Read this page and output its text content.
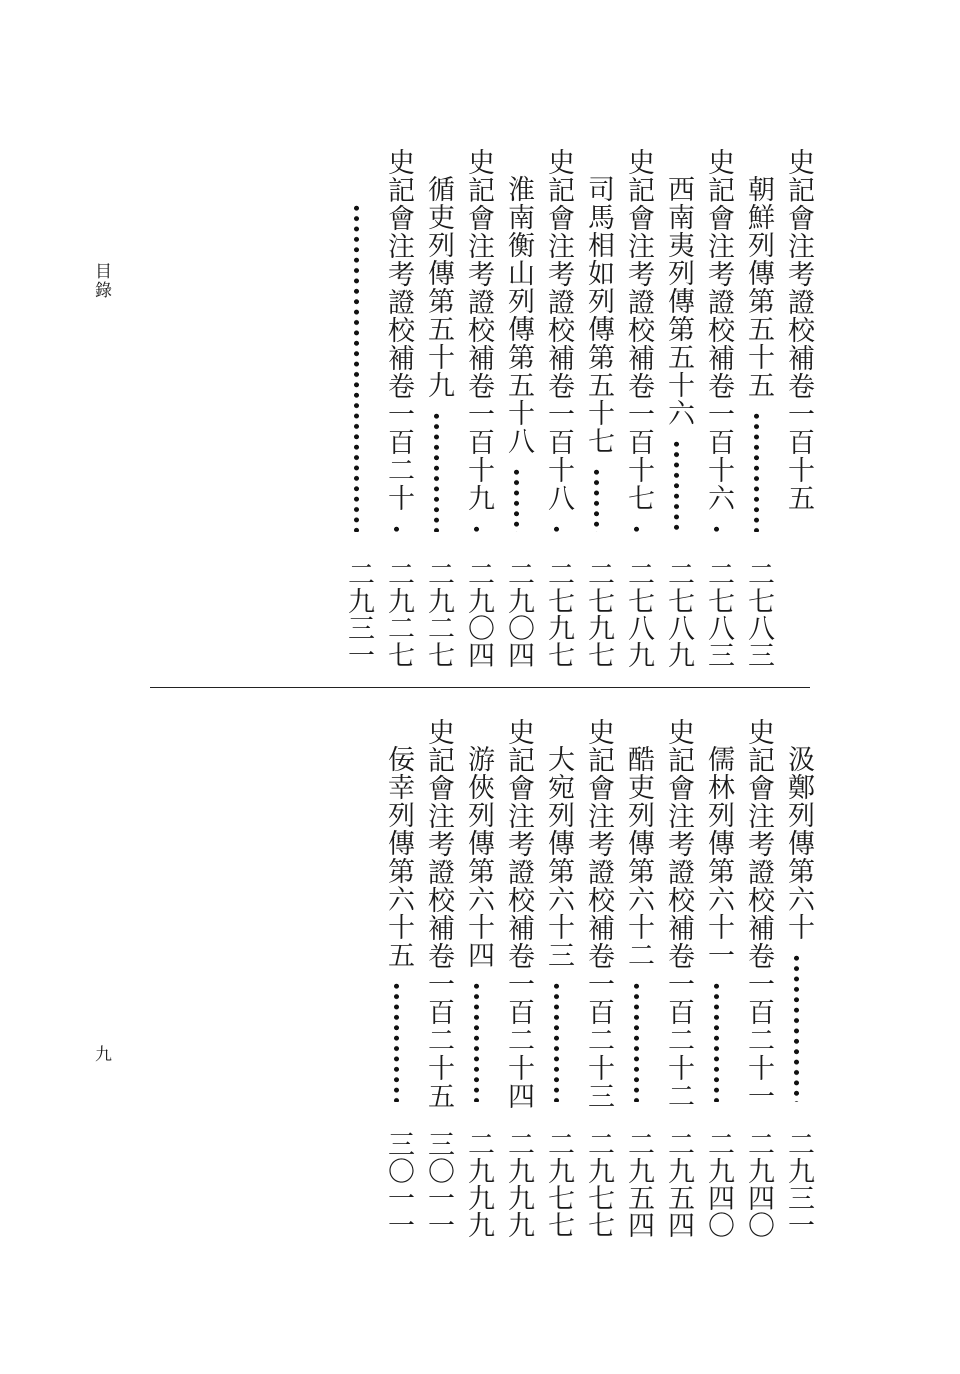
目錄
九
史記會注考證校補卷一百十五
朝鮮列傳第五十五
二七八三
史記會注考證校補卷一百十六
二七八三
西南夷列傳第五十六
二七八九
史記會注考證校補卷一百十七
二七八九
司馬相如列傳第五十七
二七九七
史記會注考證校補卷一百十八
二七九七
淮南衡山列傳第五十八
二九〇四
史記會注考證校補卷一百十九
二九〇四
循吏列傳第五十九
二九二七
史記會注考證校補卷一百二十
二九二七
二九三一
汲鄭列傳第六十
二九三一
史記會注考證校補卷一百二十一
二九四〇
儒林列傳第六十一
二九四〇
史記會注考證校補卷一百二十二
二九五四
酷吏列傳第六十二
二九五四
史記會注考證校補卷一百二十三
二九七七
大宛列傳第六十三
二九七七
史記會注考證校補卷一百二十四
二九九九
游俠列傳第六十四
二九九九
史記會注考證校補卷一百二十五
三〇一一
佞幸列傳第六十五
三〇一一
